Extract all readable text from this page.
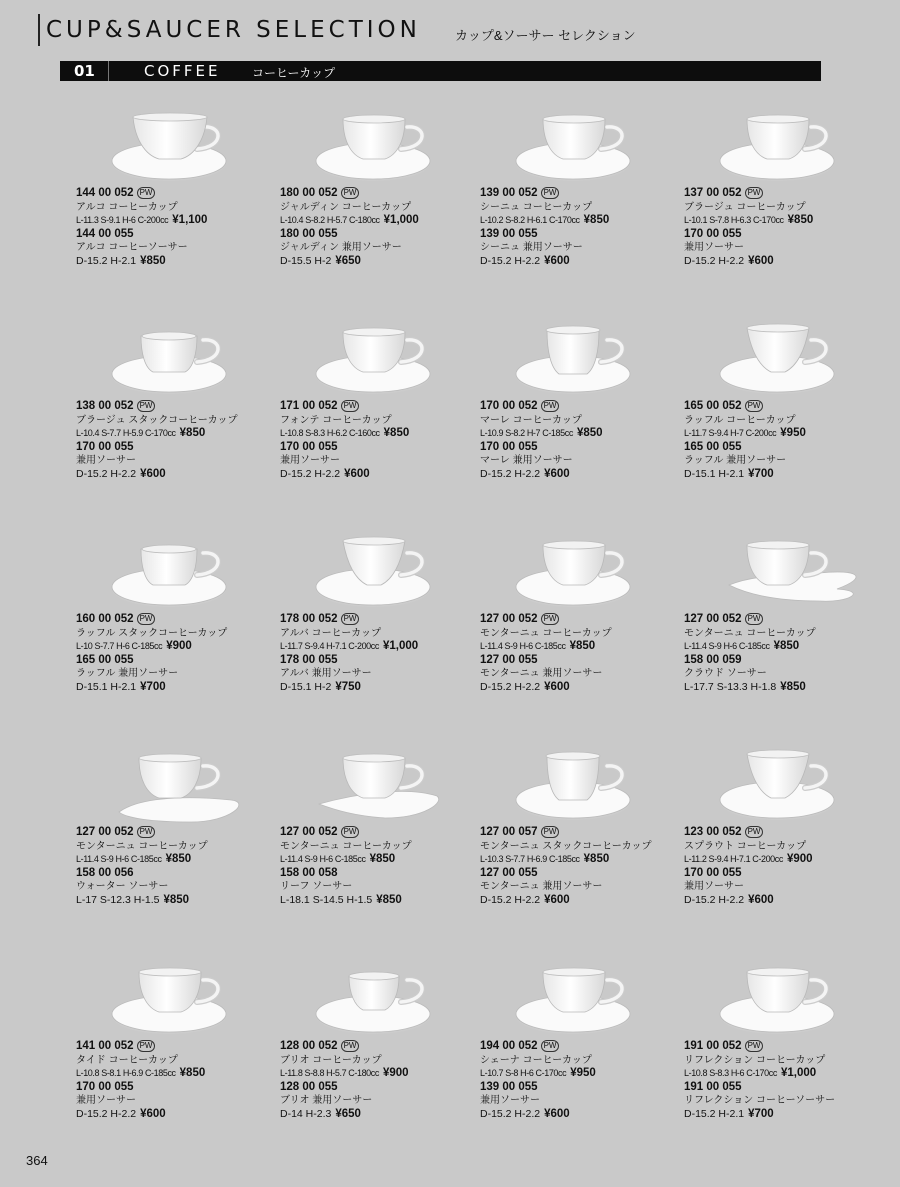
CUP&SAUCER SELECTION	カップ&ソーサー セレクション
01	COFFEE	コーヒーカップ
144 00 052 PW
アルコ コーヒーカップ
L-11.3 S-9.1 H-6 C-200cc ¥1,100
144 00 055
アルコ コーヒーソーサー
D-15.2 H-2.1 ¥850
180 00 052 PW
ジャルディン コーヒーカップ
L-10.4 S-8.2 H-5.7 C-180cc ¥1,000
180 00 055
ジャルディン 兼用ソーサー
D-15.5 H-2 ¥650
139 00 052 PW
シーニュ コーヒーカップ
L-10.2 S-8.2 H-6.1 C-170cc ¥850
139 00 055
シーニュ 兼用ソーサー
D-15.2 H-2.2 ¥600
137 00 052 PW
ブラージュ コーヒーカップ
L-10.1 S-7.8 H-6.3 C-170cc ¥850
170 00 055
兼用ソーサー
D-15.2 H-2.2 ¥600
138 00 052 PW
ブラージュ スタックコーヒーカップ
L-10.4 S-7.7 H-5.9 C-170cc ¥850
170 00 055
兼用ソーサー
D-15.2 H-2.2 ¥600
171 00 052 PW
フォンテ コーヒーカップ
L-10.8 S-8.3 H-6.2 C-160cc ¥850
170 00 055
兼用ソーサー
D-15.2 H-2.2 ¥600
170 00 052 PW
マーレ コーヒーカップ
L-10.9 S-8.2 H-7 C-185cc ¥850
170 00 055
マーレ 兼用ソーサー
D-15.2 H-2.2 ¥600
165 00 052 PW
ラッフル コーヒーカップ
L-11.7 S-9.4 H-7 C-200cc ¥950
165 00 055
ラッフル 兼用ソーサー
D-15.1 H-2.1 ¥700
160 00 052 PW
ラッフル スタックコーヒーカップ
L-10 S-7.7 H-6 C-185cc ¥900
165 00 055
ラッフル 兼用ソーサー
D-15.1 H-2.1 ¥700
178 00 052 PW
アルバ コーヒーカップ
L-11.7 S-9.4 H-7.1 C-200cc ¥1,000
178 00 055
アルバ 兼用ソーサー
D-15.1 H-2 ¥750
127 00 052 PW
モンターニュ コーヒーカップ
L-11.4 S-9 H-6 C-185cc ¥850
127 00 055
モンターニュ 兼用ソーサー
D-15.2 H-2.2 ¥600
127 00 052 PW
モンターニュ コーヒーカップ
L-11.4 S-9 H-6 C-185cc ¥850
158 00 059
クラウド ソーサー
L-17.7 S-13.3 H-1.8 ¥850
127 00 052 PW
モンターニュ コーヒーカップ
L-11.4 S-9 H-6 C-185cc ¥850
158 00 056
ウォーター ソーサー
L-17 S-12.3 H-1.5 ¥850
127 00 052 PW
モンターニュ コーヒーカップ
L-11.4 S-9 H-6 C-185cc ¥850
158 00 058
リーフ ソーサー
L-18.1 S-14.5 H-1.5 ¥850
127 00 057 PW
モンターニュ スタックコーヒーカップ
L-10.3 S-7.7 H-6.9 C-185cc ¥850
127 00 055
モンターニュ 兼用ソーサー
D-15.2 H-2.2 ¥600
123 00 052 PW
スプラウト コーヒーカップ
L-11.2 S-9.4 H-7.1 C-200cc ¥900
170 00 055
兼用ソーサー
D-15.2 H-2.2 ¥600
141 00 052 PW
タイド コーヒーカップ
L-10.8 S-8.1 H-6.9 C-185cc ¥850
170 00 055
兼用ソーサー
D-15.2 H-2.2 ¥600
128 00 052 PW
ブリオ コーヒーカップ
L-11.8 S-8.8 H-5.7 C-180cc ¥900
128 00 055
ブリオ 兼用ソーサー
D-14 H-2.3 ¥650
194 00 052 PW
シェーナ コーヒーカップ
L-10.7 S-8 H-6 C-170cc ¥950
139 00 055
兼用ソーサー
D-15.2 H-2.2 ¥600
191 00 052 PW
リフレクション コーヒーカップ
L-10.8 S-8.3 H-6 C-170cc ¥1,000
191 00 055
リフレクション コーヒーソーサー
D-15.2 H-2.1 ¥700
364
